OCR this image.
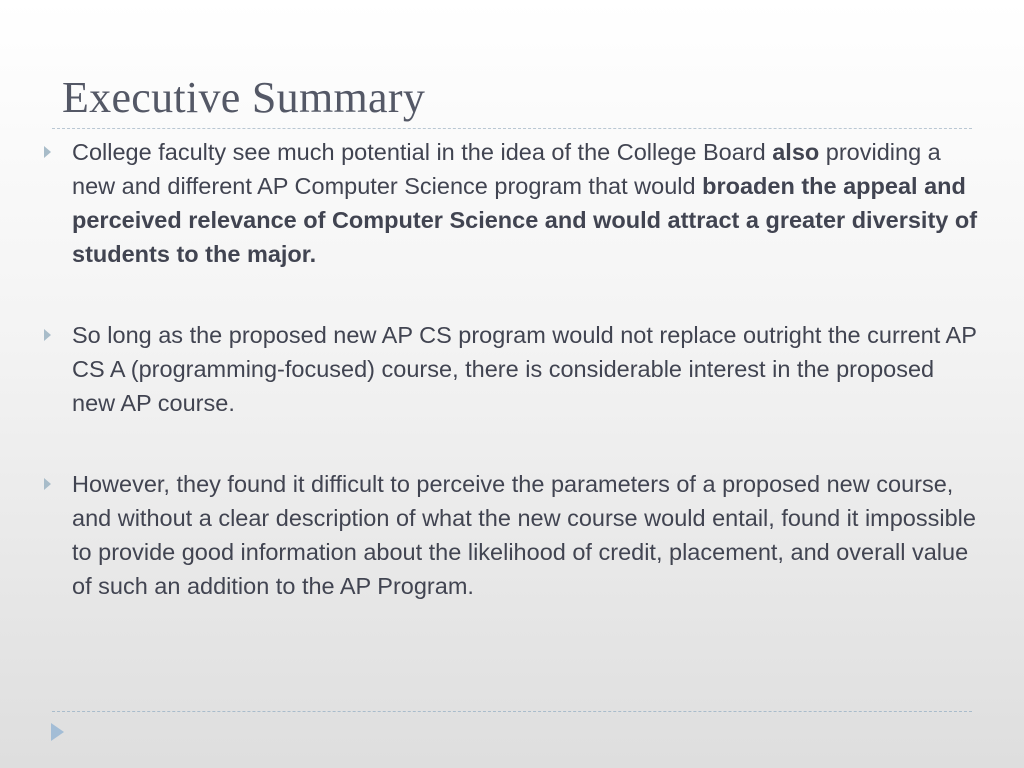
Executive Summary

College faculty see much potential in the idea of the College Board also providing a new and different AP Computer Science program that would broaden the appeal and perceived relevance of Computer Science and would attract a greater diversity of students to the major.

So long as the proposed new AP CS program would not replace outright the current AP CS A (programming-focused) course, there is considerable interest in the proposed new AP course.

However, they found it difficult to perceive the parameters of a proposed new course, and without a clear description of what the new course would entail, found it impossible to provide good information about the likelihood of credit, placement, and overall value of such an addition to the AP Program.
